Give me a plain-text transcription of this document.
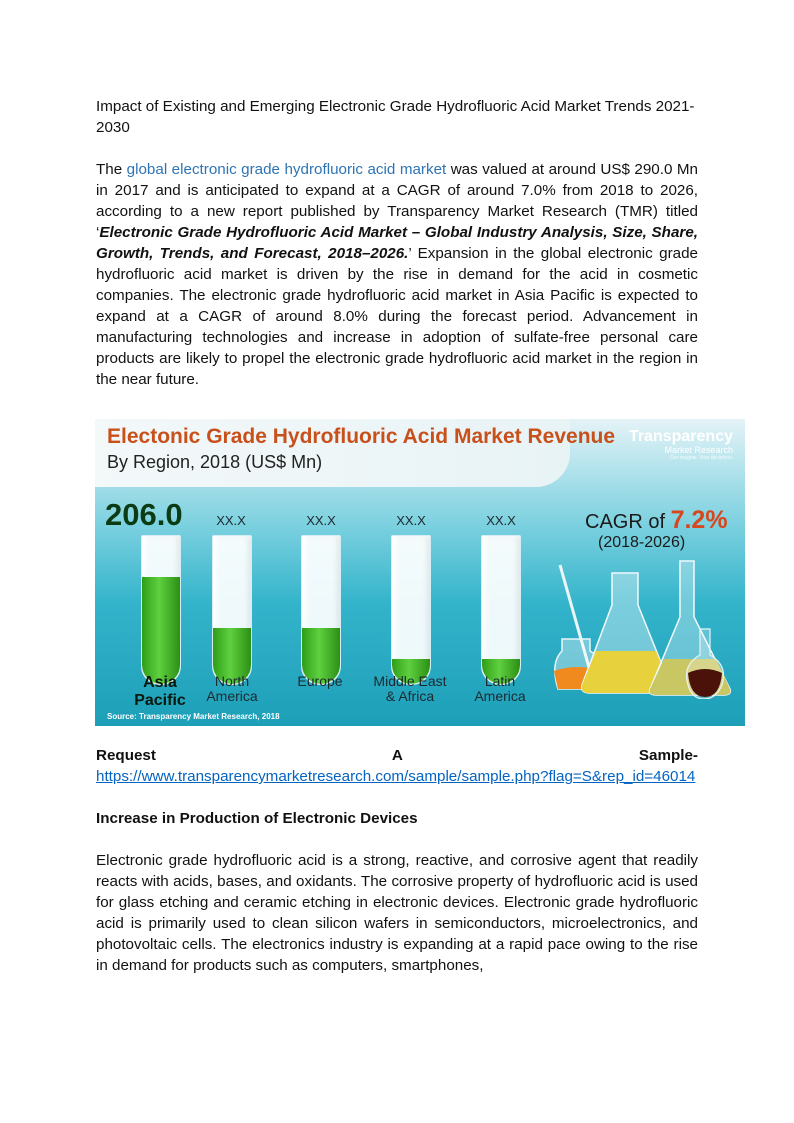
Impact of Existing and Emerging Electronic Grade Hydrofluoric Acid Market Trends 2021-2030

The global electronic grade hydrofluoric acid market was valued at around US$ 290.0 Mn in 2017 and is anticipated to expand at a CAGR of around 7.0% from 2018 to 2026, according to a new report published by Transparency Market Research (TMR) titled ‘Electronic Grade Hydrofluoric Acid Market – Global Industry Analysis, Size, Share, Growth, Trends, and Forecast, 2018–2026.’ Expansion in the global electronic grade hydrofluoric acid market is driven by the rise in demand for the acid in cosmetic companies. The electronic grade hydrofluoric acid market in Asia Pacific is expected to expand at a CAGR of around 8.0% during the forecast period. Advancement in manufacturing technologies and increase in adoption of sulfate-free personal care products are likely to propel the electronic grade hydrofluoric acid market in the region in the near future.

Electonic Grade Hydrofluoric Acid Market Revenue
By Region, 2018 (US$ Mn)
Transparency
Market Research
Our insights. Your decisions.
206.0	XX.X	XX.X	XX.X	XX.X
Asia
Pacific
North
America
Europe	Middle East
& Africa
Latin
America
CAGR of 7.2%
(2018-2026)
Source: Transparency Market Research, 2018
Request	A	Sample-
https://www.transparencymarketresearch.com/sample/sample.php?flag=S&rep_id=46014

Increase in Production of Electronic Devices

Electronic grade hydrofluoric acid is a strong, reactive, and corrosive agent that readily reacts with acids, bases, and oxidants. The corrosive property of hydrofluoric acid is used for glass etching and ceramic etching in electronic devices. Electronic grade hydrofluoric acid is primarily used to clean silicon wafers in semiconductors, microelectronics, and photovoltaic cells. The electronics industry is expanding at a rapid pace owing to the rise in demand for products such as computers, smartphones,
